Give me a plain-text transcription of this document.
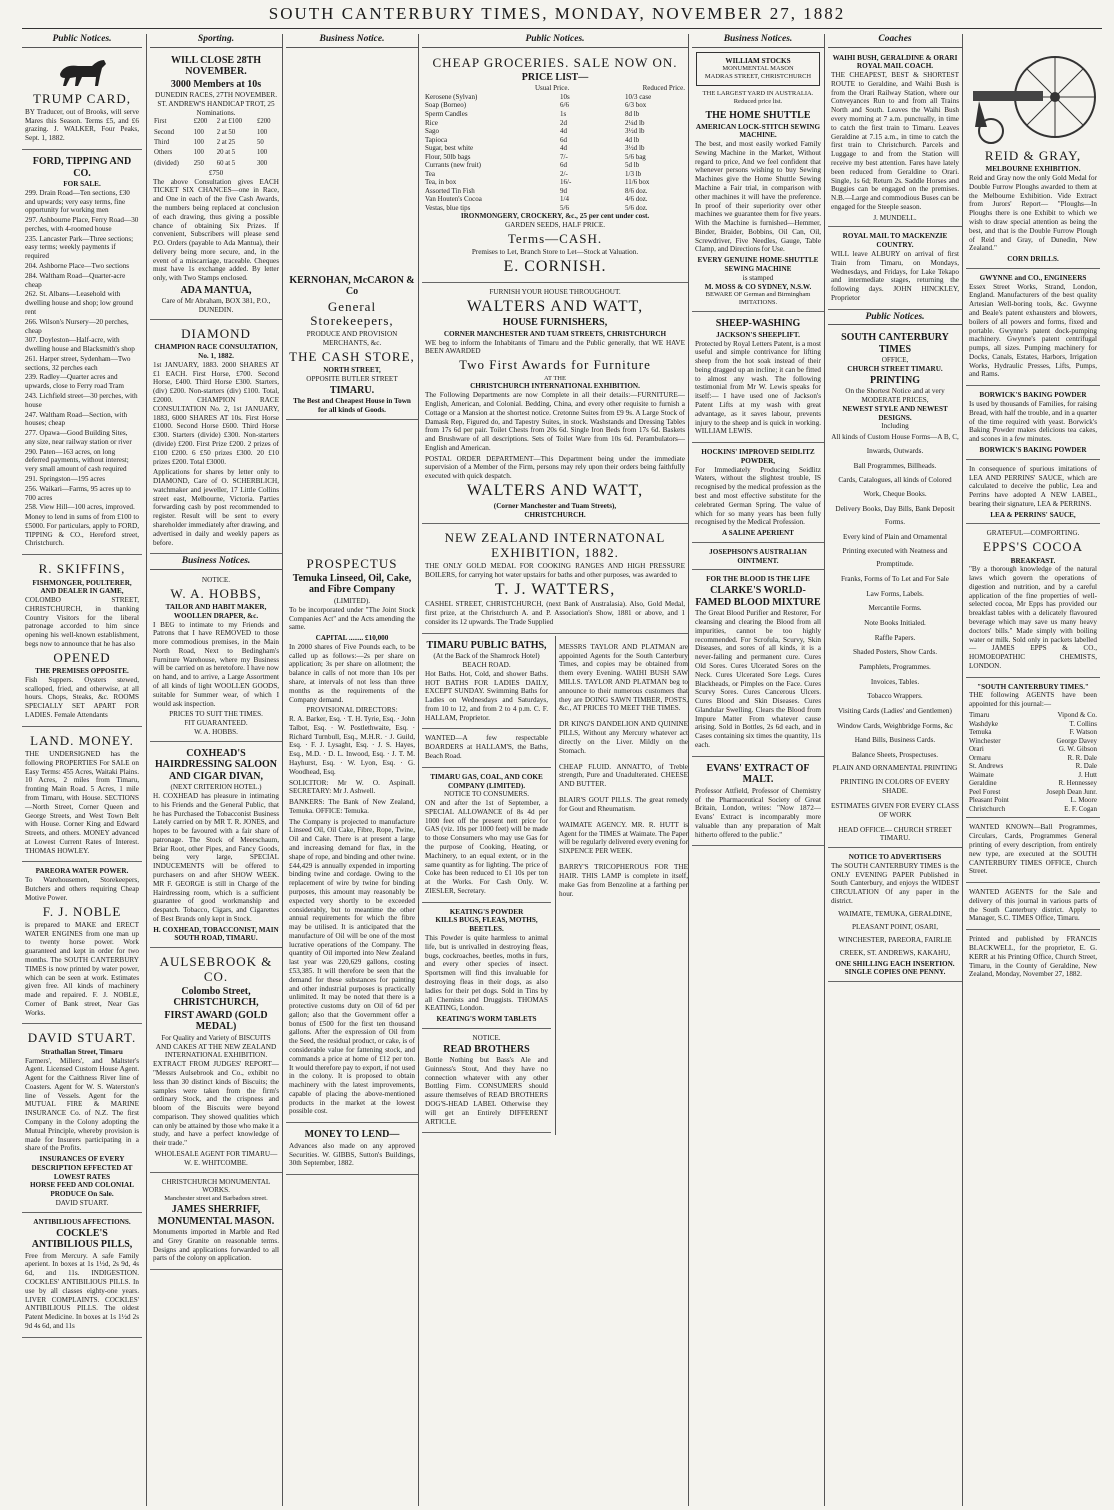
SOUTH CANTERBURY TIMES, MONDAY, NOVEMBER 27, 1882
Public Notices.
TRUMP CARD,

BY Traducer, out of Brooks, will serve Mares this Season. Terms £5, and £6 grazing. J. WALKER, Four Peaks, Sept. 1, 1882.

FORD, TIPPING AND CO.
FOR SALE.
299. Drain Road—Ten sections, £30 and upwards; very easy terms, fine opportunity for working men
297. Ashbourne Place, Ferry Road—30 perches, with 4-roomed house
235. Lancaster Park—Three sections; easy terms; weekly payments if required
204. Ashborne Place—Two sections
284. Waltham Road—Quarter-acre cheap
262. St. Albans—Leasehold with dwelling house and shop; low ground rent
266. Wilson's Nursery—20 perches, cheap
307. Doyleston—Half-acre, with dwelling house and Blacksmith's shop
261. Harper street, Sydenham—Two sections, 32 perches each
239. Radley—Quarter acres and upwards, close to Ferry road Tram
243. Lichfield street—30 perches, with house
247. Waltham Road—Section, with houses; cheap
277. Opawa—Good Building Sites, any size, near railway station or river
290. Paten—163 acres, on long deferred payments, without interest; very small amount of cash required
291. Springston—195 acres
256. Waikari—Farms, 95 acres up to 700 acres
258. View Hill—100 acres, improved.

Money to lend in sums of from £100 to £5000. For particulars, apply to FORD, TIPPING & CO., Hereford street, Christchurch.

R. SKIFFINS,
FISHMONGER, POULTERER, AND DEALER IN GAME,

COLOMBO STREET, CHRISTCHURCH, in thanking Country Visitors for the liberal patronage accorded to him since opening his well-known establishment, begs now to announce that he has also

OPENED
THE PREMISES OPPOSITE.

Fish Suppers. Oysters stewed, scalloped, fried, and otherwise, at all hours. Chops, Steaks, &c. ROOMS SPECIALLY SET APART FOR LADIES. Female Attendants

LAND. MONEY.

THE UNDERSIGNED has the following PROPERTIES For SALE on Easy Terms: 455 Acres, Waitaki Plains. 10 Acres, 2 miles from Timaru, fronting Main Road. 5 Acres, 1 mile from Timaru, with House. SECTIONS—North Street, Corner Queen and George Streets, and West Town Belt with House. Corner King and Edward Streets, and others. MONEY advanced at Lowest Current Rates of Interest. THOMAS HOWLEY.

PAREORA WATER POWER.

To Warehousemen, Storekeepers, Butchers and others requiring Cheap Motive Power.

F. J. NOBLE

is prepared to MAKE and ERECT WATER ENGINES from one man up to twenty horse power. Work guaranteed and kept in order for two months. The SOUTH CANTERBURY TIMES is now printed by water power, which can be seen at work. Estimates given free. All kinds of machinery made and repaired. F. J. NOBLE, Corner of Bank street, Near Gas Works.

DAVID STUART.
Strathallan Street, Timaru

Farmers', Millers', and Maltster's Agent. Licensed Custom House Agent. Agent for the Caithness River line of Coasters. Agent for W. S. Waterston's line of Vessels. Agent for the MUTUAL FIRE & MARINE INSURANCE Co. of N.Z. The first Company in the Colony adopting the Mutual Principle, whereby provision is made for Insurers participating in a share of the Profits.

INSURANCES OF EVERY DESCRIPTION EFFECTED AT LOWEST RATES
HORSE FEED AND COLONIAL PRODUCE On Sale.
DAVID STUART.
ANTIBILIOUS AFFECTIONS.
COCKLE'S ANTIBILIOUS PILLS,

Free from Mercury. A safe Family aperient. In boxes at 1s 1½d, 2s 9d, 4s 6d, and 11s. INDIGESTION. COCKLES' ANTIBILIOUS PILLS. In use by all classes eighty-one years. LIVER COMPLAINTS. COCKLES' ANTIBILIOUS PILLS. The oldest Patent Medicine. In boxes at 1s 1½d 2s 9d 4s 6d, and 11s

Sporting.
WILL CLOSE 28TH NOVEMBER.
3000 Members at 10s
DUNEDIN RACES, 27TH NOVEMBER.
ST. ANDREW'S HANDICAP TROT, 25 Nominations.
First	£200	2 at £100	£200
Second	100	2 at 50	100
Third	100	2 at 25	50
Others	100	20 at 5	100
(divided)	250	60 at 5	300
£750

The above Consultation gives EACH TICKET SIX CHANCES—one in Race, and One in each of the five Cash Awards, the numbers being replaced at conclusion of each drawing, thus giving a possible chance of obtaining Six Prizes. If convenient, Subscribers will please send P.O. Orders (payable to Ada Mantua), their delivery being more secure, and, in the event of a miscarriage, traceable. Cheques must have 1s exchange added. By letter only, with Two Stamps enclosed.

ADA MANTUA,
Care of Mr Abraham, BOX 381, P.O., DUNEDIN.
DIAMOND
CHAMPION RACE CONSULTATION, No. 1, 1882.

1st JANUARY, 1883. 2000 SHARES AT £1 EACH. First Horse, £700. Second Horse, £400. Third Horse £300. Starters, (div) £200. Non-starters (div) £100. Total, £2000. CHAMPION RACE CONSULTATION No. 2, 1st JANUARY, 1883, 6000 SHARES AT 10s. First Horse £1000. Second Horse £600. Third Horse £300. Starters (divide) £300. Non-starters (divide) £200. First Prize £200. 2 prizes of £100 £200. 6 £50 prizes £300. 20 £10 prizes £200. Total £3000.

Applications for shares by letter only to DIAMOND, Care of O. SCHERBLICH, watchmaker and jeweller, 17 Little Collins street east, Melbourne, Victoria. Parties forwarding cash by post recommended to register. Result will be sent to every shareholder immediately after drawing, and advertised in daily and weekly papers as before.

Business Notices.
NOTICE.
W. A. HOBBS,
TAILOR AND HABIT MAKER, WOOLLEN DRAPER, &c.

I BEG to intimate to my Friends and Patrons that I have REMOVED to those more commodious premises, in the Main North Road, Next to Bedingham's Furniture Warehouse, where my Business will be carried on as heretofore. I have now on hand, and to arrive, a Large Assortment of all kinds of light WOOLLEN GOODS, suitable for Summer wear, of which I would ask inspection.

PRICES TO SUIT THE TIMES.
FIT GUARANTEED.
W. A. HOBBS.
COXHEAD'S HAIRDRESSING SALOON AND CIGAR DIVAN,
(NEXT CRITERION HOTEL.)

H. COXHEAD has pleasure in intimating to his Friends and the General Public, that he has Purchased the Tobacconist Business Lately carried on by MR T. R. JONES, and hopes to be favoured with a fair share of patronage. The Stock of Meerschaum, Briar Root, other Pipes, and Fancy Goods, being very large, SPECIAL INDUCEMENTS will be offered to purchasers on and after SHOW WEEK. MR F. GEORGE is still in Charge of the Hairdressing room, which is a sufficient guarantee of good workmanship and despatch. Tobacco, Cigars, and Cigarettes of Best Brands only kept in Stock.

H. COXHEAD, TOBACCONIST, MAIN SOUTH ROAD, TIMARU.
AULSEBROOK & CO.
Colombo Street, CHRISTCHURCH,
FIRST AWARD (GOLD MEDAL)
For Quality and Variety of BISCUITS AND CAKES AT THE NEW ZEALAND INTERNATIONAL EXHIBITION.

EXTRACT FROM JUDGES' REPORT— "Messrs Aulsebrook and Co., exhibit no less than 30 distinct kinds of Biscuits; the samples were taken from the firm's ordinary Stock, and the crispness and bloom of the Biscuits were beyond comparison. They showed qualities which can only be attained by those who make it a study, and have a perfect knowledge of their trade."

WHOLESALE AGENT FOR TIMARU— W. E. WHITCOMBE.
CHRISTCHURCH MONUMENTAL WORKS.
Manchester street and Barbadoes street.
JAMES SHERRIFF, MONUMENTAL MASON.

Monuments imported in Marble and Red and Grey Granite on reasonable terms. Designs and applications forwarded to all parts of the colony on application.

Business Notice.
KERNOHAN, McCARON & Co
General Storekeepers,
PRODUCE AND PROVISION MERCHANTS, &c.
THE CASH STORE,
NORTH STREET,
OPPOSITE BUTLER STREET
TIMARU.
The Best and Cheapest House in Town for all kinds of Goods.
PROSPECTUS
Temuka Linseed, Oil, Cake, and Fibre Company
(LIMITED).

To be incorporated under "The Joint Stock Companies Act" and the Acts amending the same.

CAPITAL ........ £10,000

In 2000 shares of Five Pounds each, to be called up as follows:—2s per share on application; 3s per share on allotment; the balance in calls of not more than 10s per share, at intervals of not less than three months as the requirements of the Company demand.

PROVISIONAL DIRECTORS:

R. A. Barker, Esq. · T. H. Tyrie, Esq. · John Talbot, Esq. · W. Postlethwaite, Esq. · Richard Turnbull, Esq., M.H.R. · J. Guild, Esq. · F. J. Lysaght, Esq. · J. S. Hayes, Esq., M.D. · D. L. Inwood, Esq. · J. T. M. Hayhurst, Esq. · W. Lyon, Esq. · G. Woodhead, Esq.

SOLICITOR: Mr W. O. Aspinall. SECRETARY: Mr J. Ashwell.

BANKERS: The Bank of New Zealand, Temuka. OFFICE: Temuka.

The Company is projected to manufacture Linseed Oil, Oil Cake, Fibre, Rope, Twine, Oil and Cake. There is at present a large and increasing demand for flax, in the shape of rope, and binding and other twine. £44,429 is annually expended in importing binding twine and cordage. Owing to the replacement of wire by twine for binding purposes, this amount may reasonably be expected very shortly to be exceeded considerably, but to meantime the other annual requirements for which the fibre may be utilised. It is anticipated that the manufacture of Oil will be one of the most lucrative operations of the Company. The quantity of Oil imported into New Zealand last year was 220,629 gallons, costing £53,385. It will therefore be seen that the demand for these substances for painting and other industrial purposes is practically unlimited. It may be noted that there is a protective customs duty on Oil of 6d per gallon; also that the Government offer a bonus of £500 for the first ten thousand gallons. After the expression of Oil from the Seed, the residual product, or cake, is of considerable value for fattening stock, and commands a price at home of £12 per ton. It would therefore pay to export, if not used in the colony. It is proposed to obtain machinery with the latest improvements, capable of placing the above-mentioned products in the market at the lowest possible cost.

MONEY TO LEND—

Advances also made on any approved Securities. W. GIBBS, Sutton's Buildings, 30th September, 1882.

Public Notices.
CHEAP GROCERIES. SALE NOW ON.
PRICE LIST—
Usual Price.	Reduced Price.
Kerosene (Sylvan)	10s	10/3 case
Soap (Borneo)	6/6	6/3 box
Sperm Candles	1s	8d lb
Rice	2d	2¼d lb
Sago	4d	3½d lb
Tapioca	6d	4d lb
Sugar, best white	4d	3½d lb
Flour, 50lb bags	7/-	5/6 bag
Currants (new fruit)	6d	5d lb
Tea	2/-	1/3 lb
Tea, in box	16/-	11/6 box
Assorted Tin Fish	9d	8/6 doz.
Van Houten's Cocoa	1/4	4/6 doz.
Vestas, blue tips	5/6	5/6 doz.
IRONMONGERY, CROCKERY, &c., 25 per cent under cost.
GARDEN SEEDS, HALF PRICE.
Terms—CASH.
Premises to Let, Branch Store to Let—Stock at Valuation.
E. CORNISH.
FURNISH YOUR HOUSE THROUGHOUT.
WALTERS AND WATT,
HOUSE FURNISHERS,
CORNER MANCHESTER AND TUAM STREETS, CHRISTCHURCH

WE beg to inform the Inhabitants of Timaru and the Public generally, that WE HAVE BEEN AWARDED

Two First Awards for Furniture
AT THE
CHRISTCHURCH INTERNATIONAL EXHIBITION.

The Following Departments are now Complete in all their details:—FURNITURE—English, American, and Colonial. Bedding, China, and every other requisite to furnish a Cottage or a Mansion at the shortest notice. Cretonne Suites from £9 9s. A Large Stock of Damask Rep, Figured do, and Tapestry Suites, in stock. Washstands and Dressing Tables from 17s 6d per pair. Toilet Chests from 20s 6d. Single Iron Beds from 17s 6d. Baskets and Brushware of all descriptions. Sets of Toilet Ware from 10s 6d. Perambulators—English and American.

POSTAL ORDER DEPARTMENT—This Department being under the immediate supervision of a Member of the Firm, persons may rely upon their orders being faithfully executed with quick despatch.

WALTERS AND WATT,
(Corner Manchester and Tuam Streets),
CHRISTCHURCH.
NEW ZEALAND INTERNATONAL EXHIBITION, 1882.

THE ONLY GOLD MEDAL FOR COOKING RANGES AND HIGH PRESSURE BOILERS, for carrying hot water upstairs for baths and other purposes, was awarded to

T. J. WATTERS,

CASHEL STREET, CHRISTCHURCH, (next Bank of Australasia). Also, Gold Medal, first prize, at the Christchurch A. and P. Association's Show, 1881 or above, and 1 consider its 12 upwards. The Trade Supplied

TIMARU PUBLIC BATHS,
(At the Back of the Shamrock Hotel) BEACH ROAD.

Hot Baths. Hot, Cold, and shower Baths. HOT BATHS FOR LADIES DAILY, EXCEPT SUNDAY. Swimming Baths for Ladies on Wednesdays and Saturdays, from 10 to 12, and from 2 to 4 p.m. C. F. HALLAM, Proprietor.

WANTED—A few respectable BOARDERS at HALLAM'S, the Baths, Beach Road.

TIMARU GAS, COAL, AND COKE COMPANY (LIMITED).
NOTICE TO CONSUMERS.

ON and after the 1st of September, a SPECIAL ALLOWANCE of 8s 4d per 1000 feet off the present nett price for GAS (viz. 10s per 1000 feet) will be made to those Consumers who may use Gas for the purpose of Cooking, Heating, or Machinery, to an equal extent, or in the same quantity as for lighting. The price of Coke has been reduced to £1 10s per ton at the Works. For Cash Only. W. ZIESLER, Secretary.

KEATING'S POWDER
KILLS BUGS, FLEAS, MOTHS, BEETLES.

This Powder is quite harmless to animal life, but is unrivalled in destroying fleas, bugs, cockroaches, beetles, moths in furs, and every other species of insect. Sportsmen will find this invaluable for destroying fleas in their dogs, as also ladies for their pet dogs. Sold in Tins by all Chemists and Druggists. THOMAS KEATING, London.

KEATING'S WORM TABLETS
NOTICE.
READ BROTHERS

Bottle Nothing but Bass's Ale and Guinness's Stout, And they have no connection whatever with any other Bottling Firm. CONSUMERS should assure themselves of READ BROTHERS DOG'S-HEAD LABEL Otherwise they will get an Entirely DIFFERENT ARTICLE.

MESSRS TAYLOR AND PLATMAN are appointed Agents for the South Canterbury Times, and copies may be obtained from them every Evening. WAIHI BUSH SAW MILLS. TAYLOR AND PLATMAN beg to announce to their numerous customers that they are DOING SAWN TIMBER, POSTS, &c., AT PRICES TO MEET THE TIMES.

DR KING'S DANDELION AND QUININE PILLS, Without any Mercury whatever act directly on the Liver. Mildly on the Stomach.

CHEAP FLUID. ANNATTO, of Treble strength, Pure and Unadulterated. CHEESE AND BUTTER.

BLAIR'S GOUT PILLS. The great remedy for Gout and Rheumatism.

WAIMATE AGENCY. MR. R. HUTT is Agent for the TIMES at Waimate. The Paper will be regularly delivered every evening for SIXPENCE PER WEEK.

BARRY'S TRICOPHEROUS FOR THE HAIR. THIS LAMP is complete in itself, make Gas from Benzoline at a farthing per hour.

Business Notices.
WILLIAM STOCKS
MONUMENTAL MASON
MADRAS STREET, CHRISTCHURCH
THE LARGEST YARD IN AUSTRALIA.
Reduced price list.
THE HOME SHUTTLE
AMERICAN LOCK-STITCH SEWING MACHINE.

The best, and most easily worked Family Sewing Machine in the Market, Without regard to price, And we feel confident that whenever persons wishing to buy Sewing Machines give the Home Shuttle Sewing Machine a Fair trial, in comparison with other machines it will have the preference. In proof of their superiority over other machines we guarantee them for five years. With the Machine is furnished—Hemmer, Binder, Braider, Bobbins, Oil Can, Oil, Screwdriver, Five Needles, Gauge, Table Clamp, and Directions for Use.

EVERY GENUINE HOME-SHUTTLE SEWING MACHINE
is stamped
M. MOSS & CO SYDNEY, N.S.W.
BEWARE OF German and Birmingham IMITATIONS.
SHEEP-WASHING
JACKSON'S SHEEPLIFT.

Protected by Royal Letters Patent, is a most useful and simple contrivance for lifting sheep from the hot soak instead of their being dragged up an incline; it can be fitted to almost any wash. The following testimonial from Mr W. Lewis speaks for itself:— I have used one of Jackson's Patent Lifts at my wash with great advantage, as it saves labour, prevents injury to the sheep and is quick in working. WILLIAM LEWIS.

HOCKINS' IMPROVED SEIDLITZ POWDER,

For Immediately Producing Seidlitz Waters, without the slightest trouble, IS recognised by the medical profession as the best and most effective substitute for the celebrated German Spring. The value of which for so many years has been fully recognised by the Medical Profession.

A SALINE APERIENT
JOSEPHSON'S AUSTRALIAN OINTMENT.
FOR THE BLOOD IS THE LIFE
CLARKE'S WORLD-FAMED BLOOD MIXTURE

The Great Blood Purifier and Restorer, For cleansing and clearing the Blood from all impurities, cannot be too highly recommended. For Scrofula, Scurvy, Skin Diseases, and sores of all kinds, it is a never-failing and permanent cure. Cures Old Sores. Cures Ulcerated Sores on the Neck. Cures Ulcerated Sore Legs. Cures Blackheads, or Pimples on the Face. Cures Scurvy Sores. Cures Cancerous Ulcers. Cures Blood and Skin Diseases. Cures Glandular Swelling. Clears the Blood from Impure Matter From whatever cause arising. Sold in Bottles, 2s 6d each, and in Cases containing six times the quantity, 11s each.

EVANS' EXTRACT OF MALT.

Professor Attfield, Professor of Chemistry of the Pharmaceutical Society of Great Britain, London, writes: "Now 1872—Evans' Extract is incomparably more valuable than any preparation of Malt hitherto offered to the public."

Coaches
WAIHI BUSH, GERALDINE & ORARI ROYAL MAIL COACH.

THE CHEAPEST, BEST & SHORTEST ROUTE to Geraldine, and Waihi Bush is from the Orari Railway Station, where our Conveyances Run to and from all Trains North and South. Leaves the Waihi Bush every morning at 7 a.m. punctually, in time to catch the first train to Timaru. Leaves Geraldine at 7.15 a.m., in time to catch the first train to Christchurch. Parcels and Luggage to and from the Station will receive my best attention. Fares have lately been reduced from Geraldine to Orari. Single, 1s 6d; Return 2s. Saddle Horses and Buggies can be engaged on the premises. N.B.—Large and commodious Buses can be engaged for the Steeple season.

J. MUNDELL.
ROYAL MAIL TO MACKENZIE COUNTRY.

WILL leave ALBURY on arrival of first Train from Timaru, on Mondays, Wednesdays, and Fridays, for Lake Tekapo and intermediate stages, returning the following days. JOHN HINCKLEY, Proprietor

Public Notices.
SOUTH CANTERBURY TIMES
OFFICE,
CHURCH STREET TIMARU.
PRINTING
On the Shortest Notice and at very MODERATE PRICES,
NEWEST STYLE AND NEWEST DESIGNS.
Including
All kinds of Custom House Forms—A B, C, Inwards, Outwards.
Ball Programmes, Billheads.
Cards, Catalogues, all kinds of Colored Work, Cheque Books.
Delivery Books, Day Bills, Bank Deposit Forms.
Every kind of Plain and Ornamental Printing executed with Neatness and Promptitude.
Franks, Forms of To Let and For Sale
Law Forms, Labels.
Mercantile Forms.
Note Books Initialed.
Raffle Papers.
Shaded Posters, Show Cards.
Pamphlets, Programmes.
Invoices, Tables.
Tobacco Wrappers.
Visiting Cards (Ladies' and Gentlemen)
Window Cards, Weighbridge Forms, &c
Hand Bills, Business Cards.
Balance Sheets, Prospectuses.
PLAIN AND ORNAMENTAL PRINTING
PRINTING IN COLORS OF EVERY SHADE.
ESTIMATES GIVEN FOR EVERY CLASS OF WORK
HEAD OFFICE— CHURCH STREET TIMARU.
NOTICE TO ADVERTISERS

The SOUTH CANTERBURY TIMES is the ONLY EVENING PAPER Published in South Canterbury, and enjoys the WIDEST CIRCULATION Of any paper in the district.

WAIMATE, TEMUKA, GERALDINE, PLEASANT POINT, OSARI, WINCHESTER, PAREORA, FAIRLIE CREEK, ST. ANDREWS, KAKAHU,
ONE SHILLING EACH INSERTION.
SINGLE COPIES ONE PENNY.
REID & GRAY,
MELBOURNE EXHIBITION.

Reid and Gray now the only Gold Medal for Double Furrow Ploughs awarded to them at the Melbourne Exhibition. Vide Extract from Jurors' Report— "Ploughs—In Ploughs there is one Exhibit to which we wish to draw special attention as being the best, and that is the Double Furrow Plough of Reid and Gray, of Dunedin, New Zealand."

CORN DRILLS.
GWYNNE and CO., ENGINEERS

Essex Street Works, Strand, London, England. Manufacturers of the best quality Artesian Well-boring tools, &c. Gwynne and Beale's patent exhausters and blowers, boilers of all powers and forms, fixed and portable. Gwynne's patent dock-pumping machinery. Gwynne's patent centrifugal pumps, all sizes. Pumping machinery for Docks, Canals, Estates, Harbors, Irrigation Works, Hydraulic Presses, Lifts, Pumps, and Rams.

BORWICK'S BAKING POWDER

Is used by thousands of Families, for raising Bread, with half the trouble, and in a quarter of the time required with yeast. Borwick's Baking Powder makes delicious tea cakes, and scones in a few minutes.

BORWICK'S BAKING POWDER

In consequence of spurious imitations of LEA AND PERRINS' SAUCE, which are calculated to deceive the public, Lea and Perrins have adopted A NEW LABEL, bearing their signature, LEA & PERRINS.

LEA & PERRINS' SAUCE,
GRATEFUL—COMFORTING.
EPPS'S COCOA
BREAKFAST.

"By a thorough knowledge of the natural laws which govern the operations of digestion and nutrition, and by a careful application of the fine properties of well-selected cocoa, Mr Epps has provided our breakfast tables with a delicately flavoured beverage which may save us many heavy doctors' bills." Made simply with boiling water or milk. Sold only in packets labelled— JAMES EPPS & CO., HOMOEOPATHIC CHEMISTS, LONDON.

"SOUTH CANTERBURY TIMES."

THE following AGENTS have been appointed for this journal:—

Timaru	Vipond & Co.
Washdyke	T. Collins
Temuka	F. Watson
Winchester	George Davey
Orari	G. W. Gibson
Ormaru	R. R. Dale
St. Andrews	R. Dale
Waimate	J. Hutt
Geraldine	R. Hennessey
Peel Forest	Joseph Dean Junr.
Pleasant Point	L. Moore
Christchurch	E. F. Cogan

WANTED KNOWN—Ball Programmes, Circulars, Cards, Programmes General printing of every description, from entirely new type, are executed at the SOUTH CANTERBURY TIMES OFFICE, Church Street.

WANTED AGENTS for the Sale and delivery of this journal in various parts of the South Canterbury district. Apply to Manager, S.C. TIMES Office, Timaru.

Printed and published by FRANCIS BLACKWELL, for the proprietor, E. G. KERR at his Printing Office, Church Street, Timaru, in the County of Geraldine, New Zealand, Monday, November 27, 1882.
